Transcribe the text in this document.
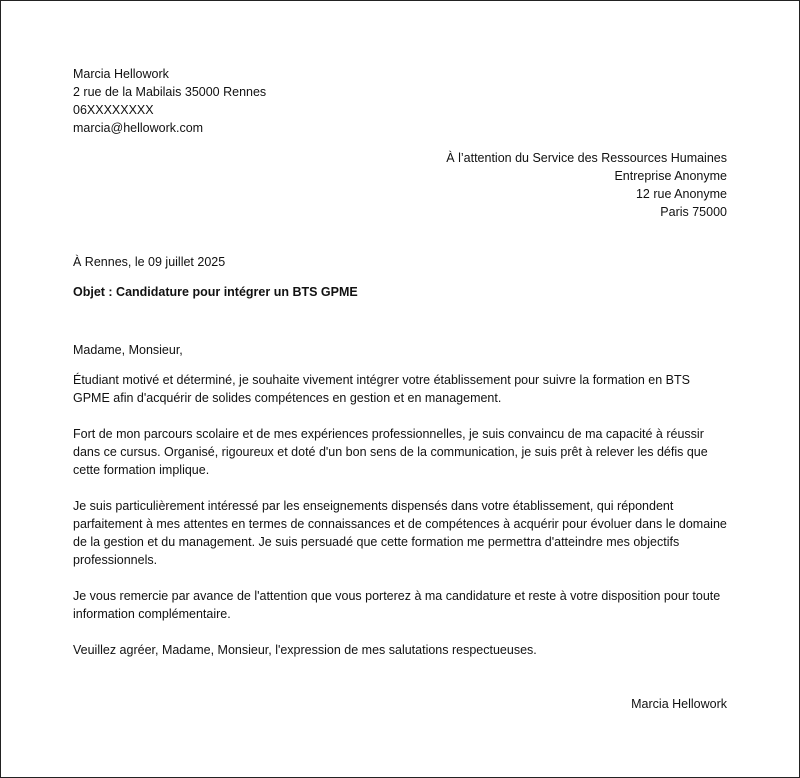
Marcia Hellowork
2 rue de la Mabilais 35000 Rennes
06XXXXXXXX
marcia@hellowork.com
À l’attention du Service des Ressources Humaines
Entreprise Anonyme
12 rue Anonyme
Paris 75000
À Rennes, le 09 juillet 2025
Objet : Candidature pour intégrer un BTS GPME
Madame, Monsieur,

Étudiant motivé et déterminé, je souhaite vivement intégrer votre établissement pour suivre la formation en BTS GPME afin d'acquérir de solides compétences en gestion et en management.

Fort de mon parcours scolaire et de mes expériences professionnelles, je suis convaincu de ma capacité à réussir dans ce cursus. Organisé, rigoureux et doté d'un bon sens de la communication, je suis prêt à relever les défis que cette formation implique.

Je suis particulièrement intéressé par les enseignements dispensés dans votre établissement, qui répondent parfaitement à mes attentes en termes de connaissances et de compétences à acquérir pour évoluer dans le domaine de la gestion et du management. Je suis persuadé que cette formation me permettra d'atteindre mes objectifs professionnels.

Je vous remercie par avance de l'attention que vous porterez à ma candidature et reste à votre disposition pour toute information complémentaire.

Veuillez agréer, Madame, Monsieur, l'expression de mes salutations respectueuses.

Marcia Hellowork
